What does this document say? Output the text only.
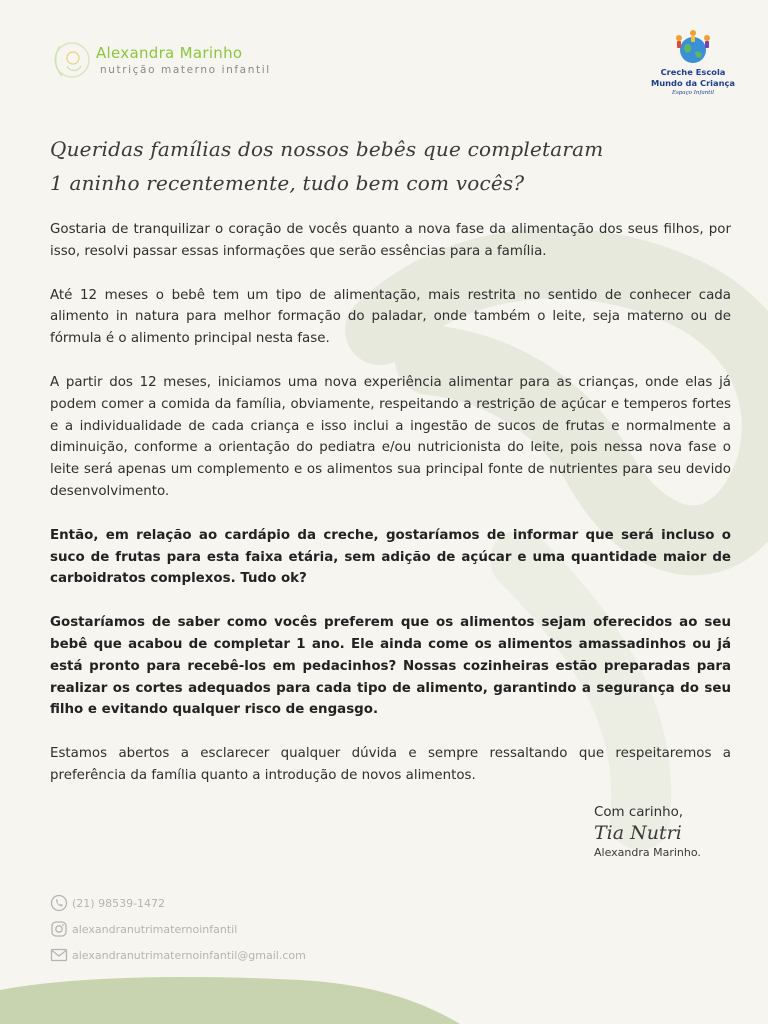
Alexandra Marinho
nutrição materno infantil	Creche Escola
Mundo da Criança
Espaço Infantil
Queridas famílias dos nossos bebês que completaram
1 aninho recentemente, tudo bem com vocês?

Gostaria de tranquilizar o coração de vocês quanto a nova fase da alimentação dos seus filhos, por isso, resolvi passar essas informações que serão essências para a família.

Até 12 meses o bebê tem um tipo de alimentação, mais restrita no sentido de conhecer cada alimento in natura para melhor formação do paladar, onde também o leite, seja materno ou de fórmula é o alimento principal nesta fase.

A partir dos 12 meses, iniciamos uma nova experiência alimentar para as crianças, onde elas já podem comer a comida da família, obviamente, respeitando a restrição de açúcar e temperos fortes e a individualidade de cada criança e isso inclui a ingestão de sucos de frutas e normalmente a diminuição, conforme a orientação do pediatra e/ou nutricionista do leite, pois nessa nova fase o leite será apenas um complemento e os alimentos sua principal fonte de nutrientes para seu devido desenvolvimento.

Então, em relação ao cardápio da creche, gostaríamos de informar que será incluso o suco de frutas para esta faixa etária, sem adição de açúcar e uma quantidade maior de carboidratos complexos. Tudo ok?

Gostaríamos de saber como vocês preferem que os alimentos sejam oferecidos ao seu bebê que acabou de completar 1 ano. Ele ainda come os alimentos amassadinhos ou já está pronto para recebê-los em pedacinhos? Nossas cozinheiras estão preparadas para realizar os cortes adequados para cada tipo de alimento, garantindo a segurança do seu filho e evitando qualquer risco de engasgo.

Estamos abertos a esclarecer qualquer dúvida e sempre ressaltando que respeitaremos a preferência da família quanto a introdução de novos alimentos.

Com carinho,
Tia Nutri
Alexandra Marinho.
(21) 98539-1472
alexandranutrimaternoinfantil
alexandranutrimaternoinfantil@gmail.com
